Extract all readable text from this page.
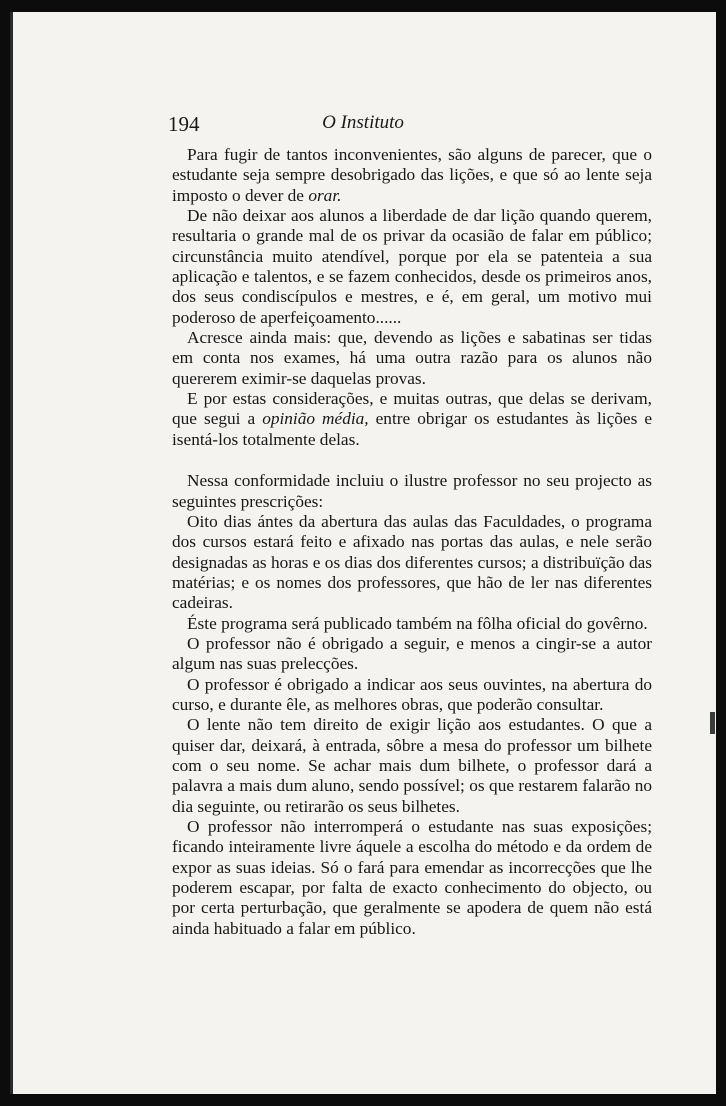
194	O Instituto

Para fugir de tantos inconvenientes, são alguns de parecer, que o estudante seja sempre desobrigado das lições, e que só ao lente seja imposto o dever de orar.

De não deixar aos alunos a liberdade de dar lição quando querem, resultaria o grande mal de os privar da ocasião de falar em público; circunstância muito atendível, porque por ela se patenteia a sua aplicação e talentos, e se fazem conhecidos, desde os primeiros anos, dos seus condiscípulos e mestres, e é, em geral, um motivo mui poderoso de aperfeiçoamento......

Acresce ainda mais: que, devendo as lições e sabatinas ser tidas em conta nos exames, há uma outra razão para os alunos não quererem eximir-se daquelas provas.

E por estas considerações, e muitas outras, que delas se derivam, que segui a opinião média, entre obrigar os estudantes às lições e isentá-los totalmente delas.

Nessa conformidade incluiu o ilustre professor no seu projecto as seguintes prescrições:

Oito dias ántes da abertura das aulas das Faculdades, o programa dos cursos estará feito e afixado nas portas das aulas, e nele serão designadas as horas e os dias dos diferentes cursos; a distribuïção das matérias; e os nomes dos professores, que hão de ler nas diferentes cadeiras.

Éste programa será publicado também na fôlha oficial do govêrno.

O professor não é obrigado a seguir, e menos a cingir-se a autor algum nas suas prelecções.

O professor é obrigado a indicar aos seus ouvintes, na abertura do curso, e durante êle, as melhores obras, que poderão consultar.

O lente não tem direito de exigir lição aos estudantes. O que a quiser dar, deixará, à entrada, sôbre a mesa do professor um bilhete com o seu nome. Se achar mais dum bilhete, o professor dará a palavra a mais dum aluno, sendo possível; os que restarem falarão no dia seguinte, ou retirarão os seus bilhetes.

O professor não interromperá o estudante nas suas exposições; ficando inteiramente livre áquele a escolha do método e da ordem de expor as suas ideias. Só o fará para emendar as incorrecções que lhe poderem escapar, por falta de exacto conhecimento do objecto, ou por certa perturbação, que geralmente se apodera de quem não está ainda habituado a falar em público.
